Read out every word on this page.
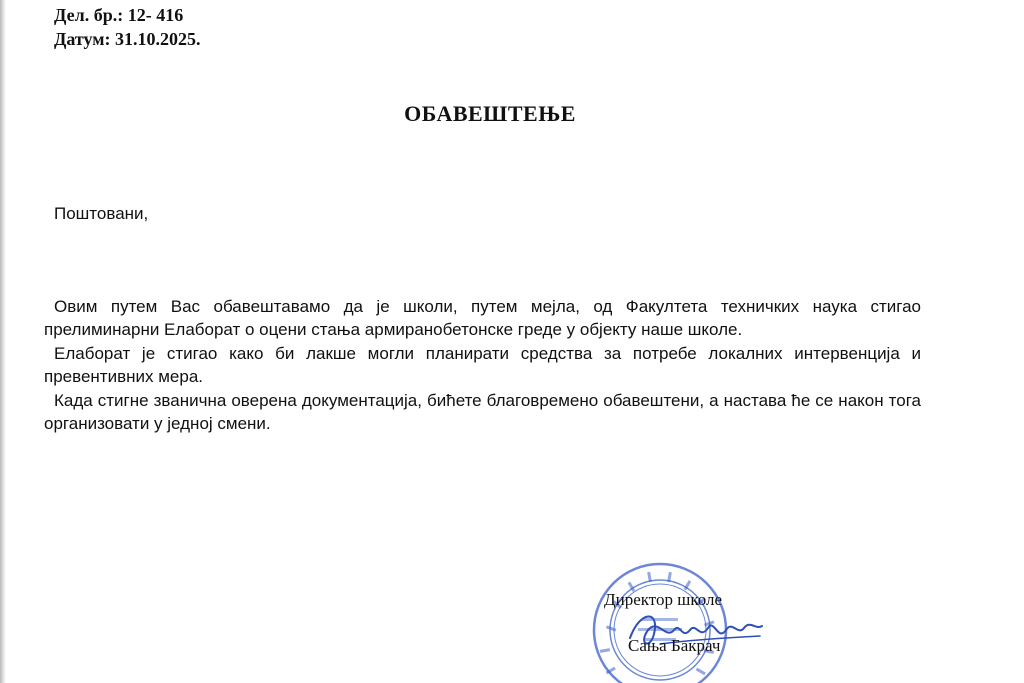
Дел. бр.: 12- 416
Датум: 31.10.2025.
ОБАВЕШТЕЊЕ
Поштовани,

Овим путем Вас обавештавамо да је школи, путем мејла, од Факултета техничких наука стигао прелиминарни Елаборат о оцени стања армиранобетонске греде у објекту наше школе.

Елаборат је стигао како би лакше могли планирати средства за потребе локалних интервенција и превентивних мера.

Када стигне званична оверена документација, бићете благовремено обавештени, а настава ће се након тога организовати у једној смени.

Директор школе
Сања Бакрач
